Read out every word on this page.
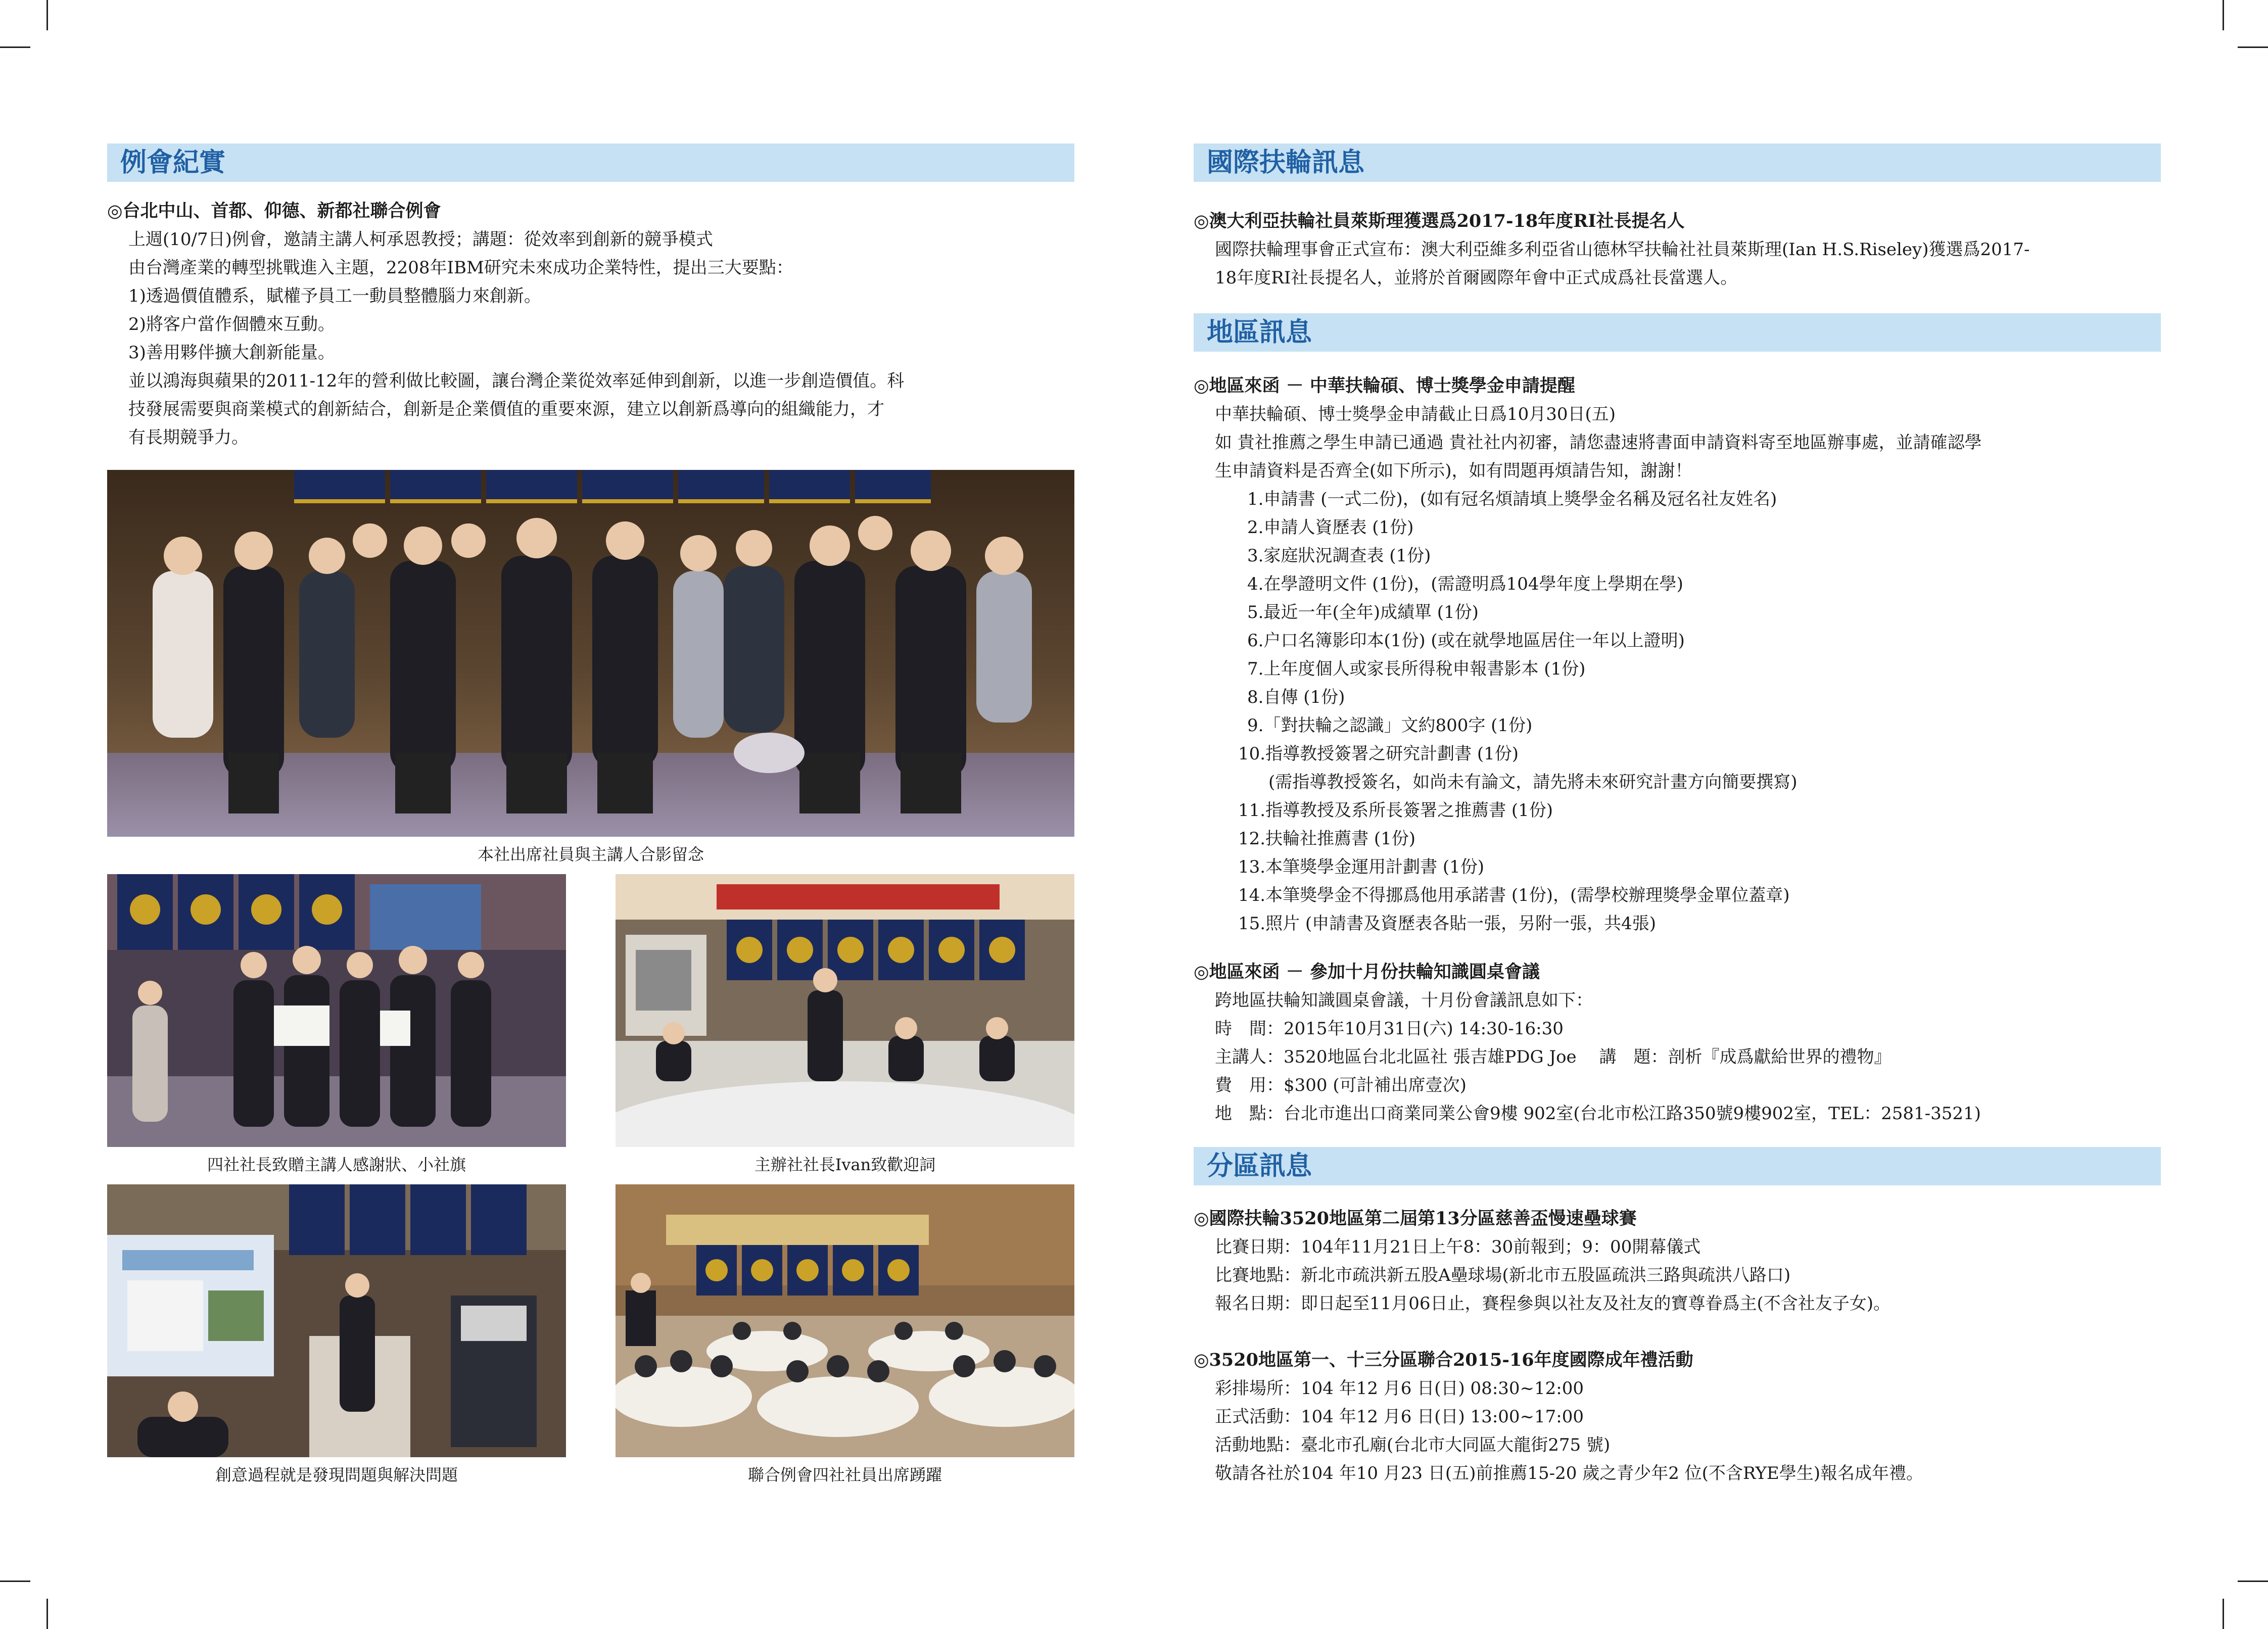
例會紀實
◎台北中山、首都、仰德、新都社聯合例會
上週(10/7日)例會，邀請主講人柯承恩教授；講題：從效率到創新的競爭模式
由台灣產業的轉型挑戰進入主題，2208年IBM研究未來成功企業特性，提出三大要點：
1)透過價值體系，賦權予員工一動員整體腦力來創新。
2)將客户當作個體來互動。
3)善用夥伴擴大創新能量。
並以鴻海與蘋果的2011-12年的營利做比較圖，讓台灣企業從效率延伸到創新，以進一步創造價值。科
技發展需要與商業模式的創新結合，創新是企業價值的重要來源，建立以創新爲導向的組織能力，才
有長期競爭力。
本社出席社員與主講人合影留念
四社社長致贈主講人感謝狀、小社旗	主辦社社長Ivan致歡迎詞
創意過程就是發現問題與解決問題	聯合例會四社社員出席踴躍
國際扶輪訊息
◎澳大利亞扶輪社員萊斯理獲選爲2017-18年度RI社長提名人
國際扶輪理事會正式宣布：澳大利亞維多利亞省山德林罕扶輪社社員萊斯理(Ian H.S.Riseley)獲選爲2017-
18年度RI社長提名人，並將於首爾國際年會中正式成爲社長當選人。
地區訊息
◎地區來函 － 中華扶輪碩、博士獎學金申請提醒
中華扶輪碩、博士獎學金申請截止日爲10月30日(五)
如 貴社推薦之學生申請已通過 貴社社内初審，請您盡速將書面申請資料寄至地區辦事處，並請確認學
生申請資料是否齊全(如下所示)，如有問題再煩請告知，謝謝！
1.申請書 (一式二份)，(如有冠名煩請填上獎學金名稱及冠名社友姓名)
2.申請人資歷表 (1份)
3.家庭狀況調查表 (1份)
4.在學證明文件 (1份)，(需證明爲104學年度上學期在學)
5.最近一年(全年)成績單 (1份)
6.户口名簿影印本(1份) (或在就學地區居住一年以上證明)
7.上年度個人或家長所得稅申報書影本 (1份)
8.自傳 (1份)
9.「對扶輪之認識」文約800字 (1份)
10.指導教授簽署之研究計劃書 (1份)
(需指導教授簽名，如尚未有論文，請先將未來研究計畫方向簡要撰寫)
11.指導教授及系所長簽署之推薦書 (1份)
12.扶輪社推薦書 (1份)
13.本筆獎學金運用計劃書 (1份)
14.本筆獎學金不得挪爲他用承諾書 (1份)，(需學校辦理獎學金單位蓋章)
15.照片 (申請書及資歷表各貼一張，另附一張，共4張)
◎地區來函 － 參加十月份扶輪知識圓桌會議
跨地區扶輪知識圓桌會議，十月份會議訊息如下：
時　間：2015年10月31日(六) 14:30-16:30
主講人：3520地區台北北區社 張吉雄PDG Joe　 講　題：剖析『成爲獻給世界的禮物』
費　用：$300 (可計補出席壹次)
地　點：台北市進出口商業同業公會9樓 902室(台北市松江路350號9樓902室，TEL：2581-3521)
分區訊息
◎國際扶輪3520地區第二屆第13分區慈善盃慢速壘球賽
比賽日期：104年11月21日上午8：30前報到；9：00開幕儀式
比賽地點：新北市疏洪新五股A壘球場(新北市五股區疏洪三路與疏洪八路口)
報名日期：即日起至11月06日止，賽程參與以社友及社友的寶尊眷爲主(不含社友子女)。
◎3520地區第一、十三分區聯合2015-16年度國際成年禮活動
彩排場所：104 年12 月6 日(日) 08:30~12:00
正式活動：104 年12 月6 日(日) 13:00~17:00
活動地點：臺北市孔廟(台北市大同區大龍街275 號)
敬請各社於104 年10 月23 日(五)前推薦15-20 歲之青少年2 位(不含RYE學生)報名成年禮。
